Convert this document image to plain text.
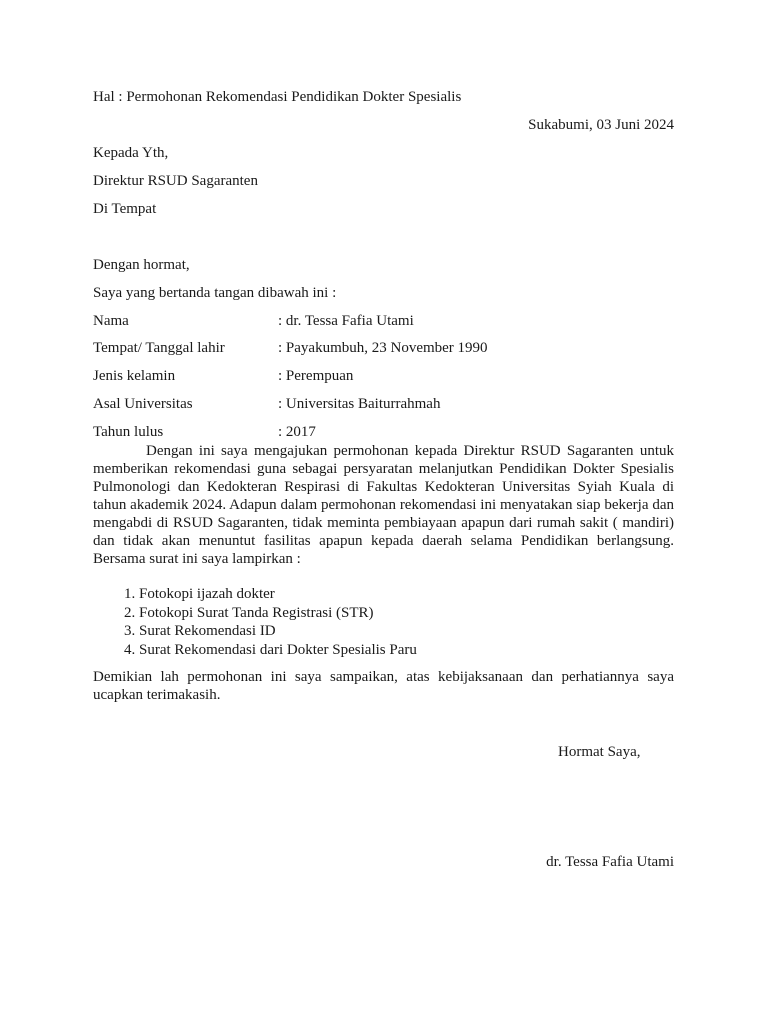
Hal : Permohonan Rekomendasi Pendidikan Dokter Spesialis
Sukabumi, 03 Juni 2024
Kepada Yth,
Direktur RSUD Sagaranten
Di Tempat
Dengan hormat,
Saya yang bertanda tangan dibawah ini :
Nama	: dr. Tessa Fafia Utami
Tempat/ Tanggal lahir	: Payakumbuh, 23 November 1990
Jenis kelamin	: Perempuan
Asal Universitas	: Universitas Baiturrahmah
Tahun lulus	: 2017

Dengan ini saya mengajukan permohonan kepada Direktur RSUD Sagaranten untuk memberikan rekomendasi guna sebagai persyaratan melanjutkan Pendidikan Dokter Spesialis Pulmonologi dan Kedokteran Respirasi di Fakultas Kedokteran Universitas Syiah Kuala di tahun akademik 2024. Adapun dalam permohonan rekomendasi ini menyatakan siap bekerja dan mengabdi di RSUD Sagaranten, tidak meminta pembiayaan apapun dari rumah sakit ( mandiri) dan tidak akan menuntut fasilitas apapun kepada daerah selama Pendidikan berlangsung. Bersama surat ini saya lampirkan :

1. Fotokopi ijazah dokter
2. Fotokopi Surat Tanda Registrasi (STR)
3. Surat Rekomendasi ID
4. Surat Rekomendasi dari Dokter Spesialis Paru

Demikian lah permohonan ini saya sampaikan, atas kebijaksanaan dan perhatiannya saya ucapkan terimakasih.

Hormat Saya,
dr. Tessa Fafia Utami
